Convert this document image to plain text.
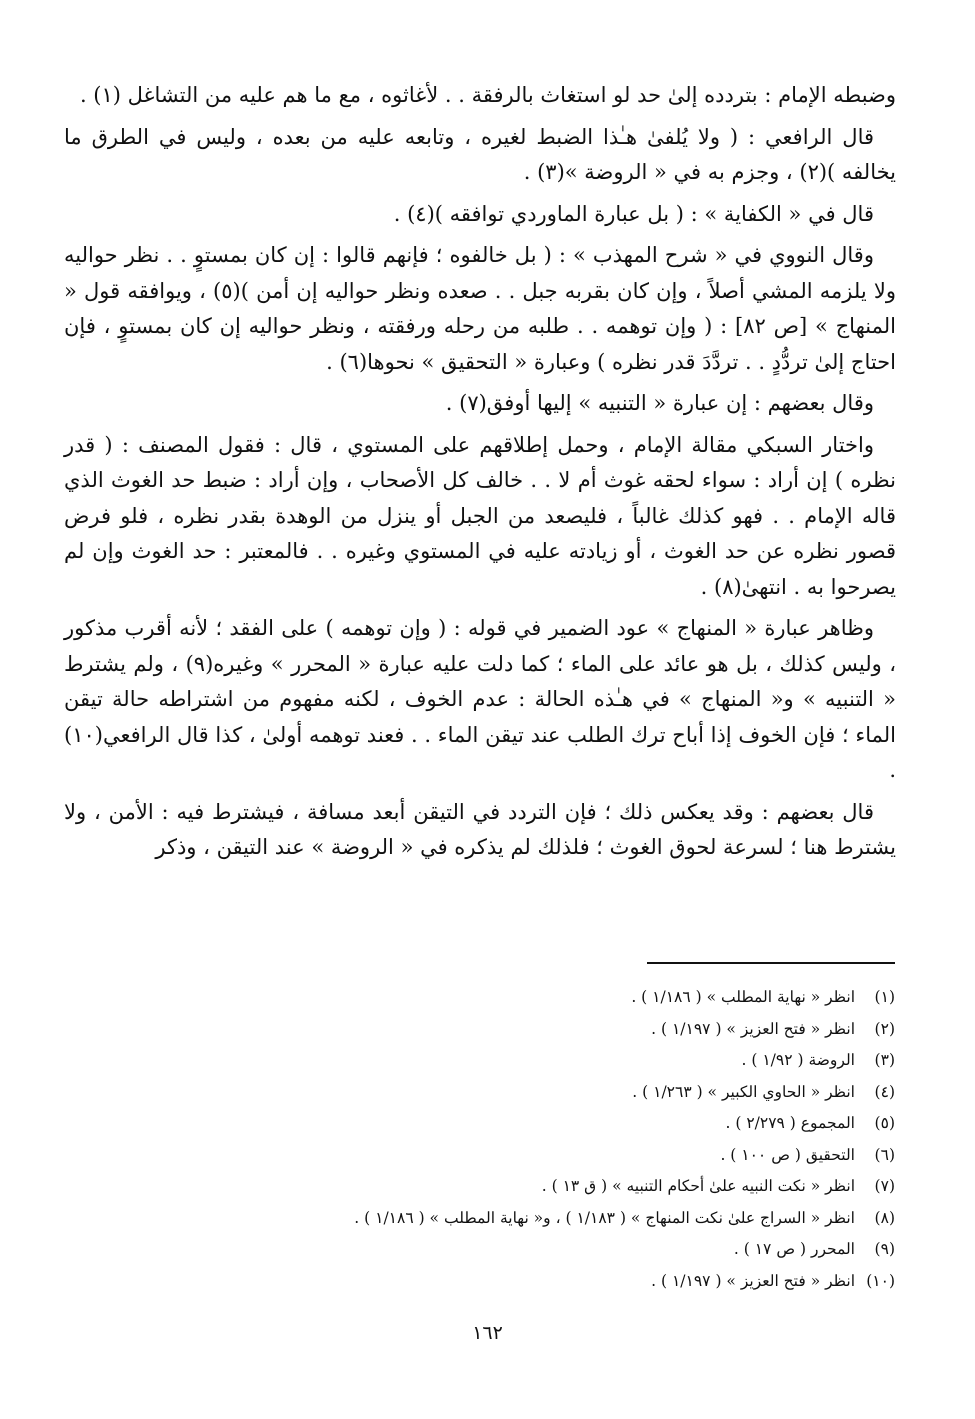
وضبطه الإمام : بتردده إلىٰ حد لو استغاث بالرفقة . . لأغاثوه ، مع ما هم عليه من التشاغل (١) .

قال الرافعي : ( ولا يُلفىٰ هـٰذا الضبط لغيره ، وتابعه عليه من بعده ، وليس في الطرق ما يخالفه )(٢) ، وجزم به في « الروضة »(٣) .

قال في « الكفاية » : ( بل عبارة الماوردي توافقه )(٤) .

وقال النووي في « شرح المهذب » : ( بل خالفوه ؛ فإنهم قالوا : إن كان بمستوٍ . . نظر حواليه ولا يلزمه المشي أصلاً ، وإن كان بقربه جبل . . صعده ونظر حواليه إن أمن )(٥) ، ويوافقه قول « المنهاج » [ص ٨٢] : ( وإن توهمه . . طلبه من رحله ورفقته ، ونظر حواليه إن كان بمستوٍ ، فإن احتاج إلىٰ تردُّدٍ . . تردَّدَ قدر نظره ) وعبارة « التحقيق » نحوها(٦) .

وقال بعضهم : إن عبارة « التنبيه » إليها أوفق(٧) .

واختار السبكي مقالة الإمام ، وحمل إطلاقهم على المستوي ، قال : فقول المصنف : ( قدر نظره ) إن أراد : سواء لحقه غوث أم لا . . خالف كل الأصحاب ، وإن أراد : ضبط حد الغوث الذي قاله الإمام . . فهو كذلك غالباً ، فليصعد من الجبل أو ينزل من الوهدة بقدر نظره ، فلو فرض قصور نظره عن حد الغوث ، أو زيادته عليه في المستوي وغيره . . فالمعتبر : حد الغوث وإن لم يصرحوا به . انتهىٰ(٨) .

وظاهر عبارة « المنهاج » عود الضمير في قوله : ( وإن توهمه ) على الفقد ؛ لأنه أقرب مذكور ، وليس كذلك ، بل هو عائد على الماء ؛ كما دلت عليه عبارة « المحرر » وغيره(٩) ، ولم يشترط « التنبيه » و« المنهاج » في هـٰذه الحالة : عدم الخوف ، لكنه مفهوم من اشتراطه حالة تيقن الماء ؛ فإن الخوف إذا أباح ترك الطلب عند تيقن الماء . . فعند توهمه أولىٰ ، كذا قال الرافعي(١٠) .

قال بعضهم : وقد يعكس ذلك ؛ فإن التردد في التيقن أبعد مسافة ، فيشترط فيه : الأمن ، ولا يشترط هنا ؛ لسرعة لحوق الغوث ؛ فلذلك لم يذكره في « الروضة » عند التيقن ، وذكر

(١)
انظر « نهاية المطلب » ( ١/١٨٦ ) .
(٢)
انظر « فتح العزيز » ( ١/١٩٧ ) .
(٣)
الروضة ( ١/٩٢ ) .
(٤)
انظر « الحاوي الكبير » ( ١/٢٦٣ ) .
(٥)
المجموع ( ٢/٢٧٩ ) .
(٦)
التحقيق ( ص ١٠٠ ) .
(٧)
انظر « نكت النبيه علىٰ أحكام التنبيه » ( ق ١٣ ) .
(٨)
انظر « السراج علىٰ نكت المنهاج » ( ١/١٨٣ ) ، و« نهاية المطلب » ( ١/١٨٦ ) .
(٩)
المحرر ( ص ١٧ ) .
(١٠)
انظر « فتح العزيز » ( ١/١٩٧ ) .
١٦٢
